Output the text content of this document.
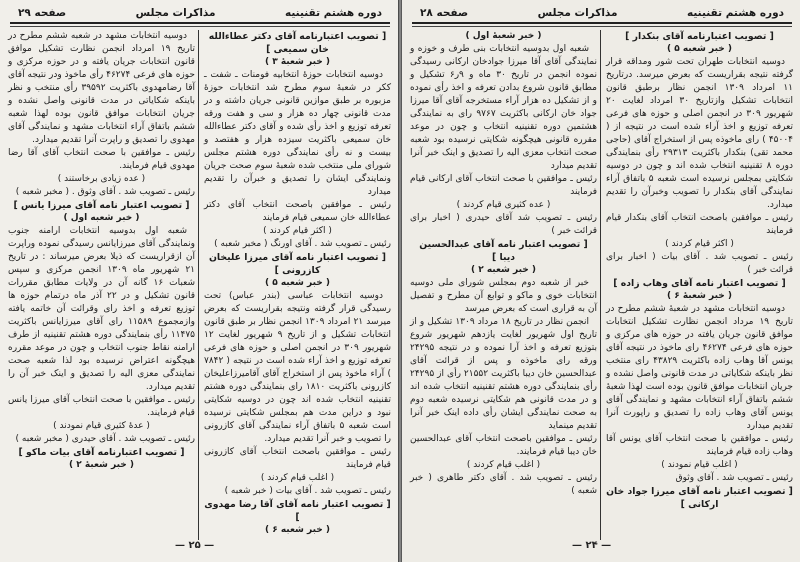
دوره هشتم تقنینیه
مذاکرات مجلس
صفحه ۲۹
[ تصویب اعتبارنامه آقای دکتر عطاءالله خان سمیعی ]
( خبر شعبهٔ ۳ )
دوسیه انتخابات حوزهٔ انتخابیه فومنات ـ شفت ـ ککر در شعبهٔ سوم مطرح شد انتخابات حوزهٔ مزبوره بر طبق موازین قانونی جریان داشته و در مدت قانونی چهار ده هزار و سی و هفت ورقه تعرفه توزیع و اخذ رأی شده و آقای دکتر عطاءالله خان سمیعی باکثریت سیزده هزار و هفتصد و بیست و نه رأی نمایندگی دوره هشتم مجلس شورای ملی منتخب شده شعبهٔ سوم صحت جریان ونمایندگی ایشان را تصدیق و خبرآن را تقدیم میدارد
رئیس ـ موافقین باصحت انتخاب آقای دکتر عطاءالله خان سمیعی قیام فرمایند
( اکثر قیام کردند )
رئیس ـ تصویب شد . آقای اورنگ ( مخبر شعبه )
[ تصویب اعتبار نامه آقای میرزا علیخان کازرونی ]
( خبر شعبه ۵ )
دوسیه انتخابات عباسی (بندر عباس) تحت رسیدگی قرار گرفته ونتیجه بقراریست که بعرض میرسد ۲۱ امرداد ۱۳۰۹ انجمن نظار بر طبق قانون انتخابات تشکیل و از تاریخ ۹ شهریور لغایت ۱۲ شهریور ۳۰۹ در انجمن اصلی و حوزه های فرعی تعرفه توزیع و اخذ آراء شده است در نتیجه ( ۷۸۴۲ ) آراء ماخوذ پس از استخراج آقای آقامیرزاعلیخان کازرونی باکثریت ۱۸۱۰ رای بنمایندگی دوره هشتم تقنینیه انتخاب شده اند چون در دوسیه شکایتی نبود و دراین مدت هم بمجلس شکایتی نرسیده است شعبه ۵ باتفاق آراء نمایندگی آقای کازرونی را تصویب و خبر آنرا تقدیم میدارد.
رئیس ـ موافقین باصحت انتخاب آقای کازرونی قیام فرمایند
( اغلب قیام کردند )
رئیس ـ تصویب شد . آقای بیات ( خبر شعبه )
[ تصویب اعتبار نامه آقای آقا رضا مهدوی ]
( خبر شعبه ۶ )
دوسیه انتخابات مشهد در شعبه ششم مطرح در تاریخ ۱۹ امرداد انجمن نظارت تشکیل موافق قانون انتخابات جریان یافته و در حوزه مرکزی و حوزه های فرعی ۴۶۲۷۴ رأی ماخوذ ودر نتیجه آقای آقا رضامهدوی باکثریت ۳۹۵۹۲ رأی منتخب و نظر باینکه شکایاتی در مدت قانونی واصل نشده و جریان انتخابات موافق قانون بوده لهذا شعبه ششم باتفاق آراء انتخابات مشهد و نمایندگی آقای مهدوی را تصدیق و راپرت آنرا تقدیم میدارد.
رئیس ـ موافقین با صحت انتخاب آقای آقا رضا مهدوی قیام فرمایند.
( عده زیادی برخاستند )
رئیس ـ تصویب شد . آقای وثوق . ( مخبر شعبه )
[ تصویب اعتبار نامه آقای میرزا یانس ]
( خبر شعبه اول )
شعبه اول بدوسیه انتخابات ارامنه جنوب ونمایندگی آقای میرزایانس رسیدگی نموده وراپرت آن ازقراریست که ذیلا بعرض میرساند : در تاریخ ۲۱ شهریور ماه ۱۳۰۹ انجمن مرکزی و سپس شعبات ۱۶ گانه آن در ولایات مطابق مقررات قانون تشکیل و در ۲۲ آذر ماه درتمام حوزه ها توزیع تعرفه و اخذ رای وقرائت آن خاتمه یافته وازمجموع ۱۱۵۸۹ رای آقای میرزایانس باکثریت ۱۱۴۷۵ رأی بنمایندگی دوره هشتم تقنینیه از طرف ارامنه نقاط جنوب انتخاب و چون در موعد مقرره هیچگونه اعتراض نرسیده بود لذا شعبه صحت نمایندگی معزی الیه را تصدیق و اینک خبر آن را تقدیم میدارد.
رئیس ـ موافقین با صحت انتخاب آقای میرزا یانس قیام فرمایند.
( عدهٔ کثیری قیام نمودند )
رئیس ـ تصویب شد . آقای حیدری ( مخبر شعبه )
[ تصویب اعتبارنامه آقای بیات ماکو ]
( خبر شعبهٔ ۲ )
— ۲۵ —
دوره هشتم تقنینیه
مذاکرات مجلس
صفحه ۲۸
[ تصویب اعتبارنامه آقای بنکدار ]
( خبر شعبه ۵ )
دوسیه انتخابات طهران تحت شور ومداقه قرار گرفته نتیجه بقراریست که بعرض میرسد. درتاریخ ۱۱ امرداد ۱۳۰۹ انجمن نظار برطبق قانون انتخابات تشکیل وازتاریخ ۳۰ امرداد لغایت ۲۰ شهریور ۳۰۹ در انجمن اصلی و حوزه های فرعی تعرفه توزیع و اخذ آراء شده است در نتیجه از ( ۴۵۰۰۴ ) رای ماخوذه پس از استخراج آقای (حاجی محمد تقی) بنکدار باکثریت ۲۹۳۱۳ رأی بنمایندگی دوره ۸ تقنینیه انتخاب شده اند و چون در دوسیه شکایتی بمجلس نرسیده است شعبه ۵ باتفاق آراء نمایندگی آقای بنکدار را تصویب وخبرآن را تقدیم میدارد.
رئیس ـ موافقین باصحت انتخاب آقای بنکدار قیام فرمایند
( اکثر قیام کردند )
رئیس ـ تصویب شد . آقای بیات ( اخبار برای قرائت خبر )
[ تصویب اعتبار نامه آقای وهاب زاده ]
( خبر شعبهٔ ۶ )
دوسیه انتخابات مشهد در شعبهٔ ششم مطرح در تاریخ ۱۹ مرداد انجمن نظارت تشکیل انتخابات موافق قانون جریان یافته در حوزه های مرکزی و حوزه های فرعی ۴۶۲۷۴ رای ماخوذ در نتیجه آقای یونس آقا وهاب زاده باکثریت ۴۳۸۲۹ رای منتخب نظر باینکه شکایاتی در مدت قانونی واصل نشده و جریان انتخابات موافق قانون بوده است لهذا شعبهٔ ششم باتفاق آراء انتخابات مشهد و نمایندگی آقای یونس آقای وهاب زاده را تصدیق و راپورت آنرا تقدیم میدارد
رئیس ـ موافقین با صحت انتخاب آقای یونس آقا وهاب زاده قیام فرمایند
( اغلب قیام نمودند )
رئیس ـ تصویب شد . آقای وثوق
[ تصویب اعتبار نامه آقای میرزا جواد خان ارکانی ]
( خبر شعبهٔ اول )
شعبه اول بدوسیه انتخابات بنی طرف و خوزه و نمایندگی آقای آقا میرزا جوادخان ارکانی رسیدگی نموده انجمن در تاریخ ۳۰ ماه و ۹ر۶ تشکیل و مطابق قانون شروع بدادن تعرفه و اخذ رأی نموده و از تشکیل ده هزار آراء مستخرجه آقای آقا میرزا جواد خان ارکانی باکثریت ۹۷۶۷ رای به نمایندگی هشتمین دوره تقنینیه انتخاب و چون در موعد مقرره قانونی هیچگونه شکایتی نرسیده بود شعبه صحت انتخاب معزی الیه را تصدیق و اینک خبر آنرا تقدیم میدارد
رئیس ـ موافقین با صحت انتخاب آقای ارکانی قیام فرمایند
( عده کثیری قیام کردند )
رئیس ـ تصویب شد آقای حیدری ( اخبار برای قرائت خبر )
[ تصویب اعتبار نامه آقای عبدالحسین دیبا ]
( خبر شعبه ۲ )
خبر از شعبه دوم بمجلس شورای ملی دوسیه انتخابات خوی و ماکو و توابع آن مطرح و تفصیل آن به قراری است که بعرض میرسد
انجمن نظار در تاریخ ۱۸ مرداد ۱۳۰۹ تشکیل و از تاریخ اول شهریور لغایت یازدهم شهریور شروع بتوزیع تعرفه و اخذ آرا نموده و در نتیجه ۲۴۲۹۵ ورقه رای ماخوذه و پس از قرائت آقای عبدالحسین خان دیبا باکثریت ۲۱۵۵۲ رأی از ۲۴۲۹۵ رأی بنمایندگی دوره هشتم تقنینیه انتخاب شده اند و در مدت قانونی هم شکایتی نرسیده شعبه دوم به صحت نمایندگی ایشان رأی داده اینک خبر آنرا تقدیم مینماید
رئیس ـ موافقین باصحت انتخاب آقای عبدالحسین خان دیبا قیام فرمایند.
( اغلب قیام کردند )
رئیس ـ تصویب شد . آقای دکتر طاهری ( خبر شعبه )
— ۲۴ —
